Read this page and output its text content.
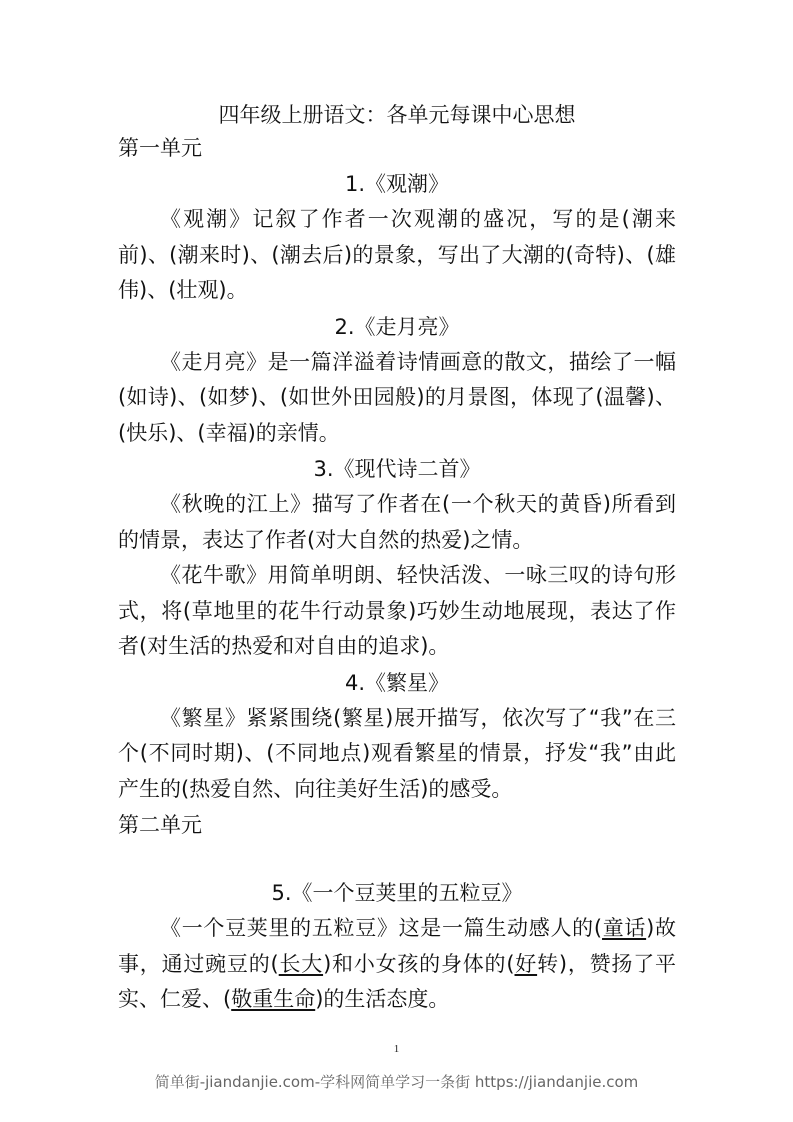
四年级上册语文：各单元每课中心思想
第一单元
1.《观潮》

《观潮》记叙了作者一次观潮的盛况，写的是(潮来前)、(潮来时)、(潮去后)的景象，写出了大潮的(奇特)、(雄伟)、(壮观)。

2.《走月亮》

《走月亮》是一篇洋溢着诗情画意的散文，描绘了一幅(如诗)、(如梦)、(如世外田园般)的月景图，体现了(温馨)、(快乐)、(幸福)的亲情。

3.《现代诗二首》

《秋晚的江上》描写了作者在(一个秋天的黄昏)所看到的情景，表达了作者(对大自然的热爱)之情。

《花牛歌》用简单明朗、轻快活泼、一咏三叹的诗句形式，将(草地里的花牛行动景象)巧妙生动地展现，表达了作者(对生活的热爱和对自由的追求)。

4.《繁星》

《繁星》紧紧围绕(繁星)展开描写，依次写了“我”在三个(不同时期)、(不同地点)观看繁星的情景，抒发“我”由此产生的(热爱自然、向往美好生活)的感受。

第二单元
5.《一个豆荚里的五粒豆》

《一个豆荚里的五粒豆》这是一篇生动感人的(童话)故事，通过豌豆的(长大)和小女孩的身体的(好转)，赞扬了平实、仁爱、(敬重生命)的生活态度。

1
简单街-jiandanjie.com-学科网简单学习一条街 https://jiandanjie.com
